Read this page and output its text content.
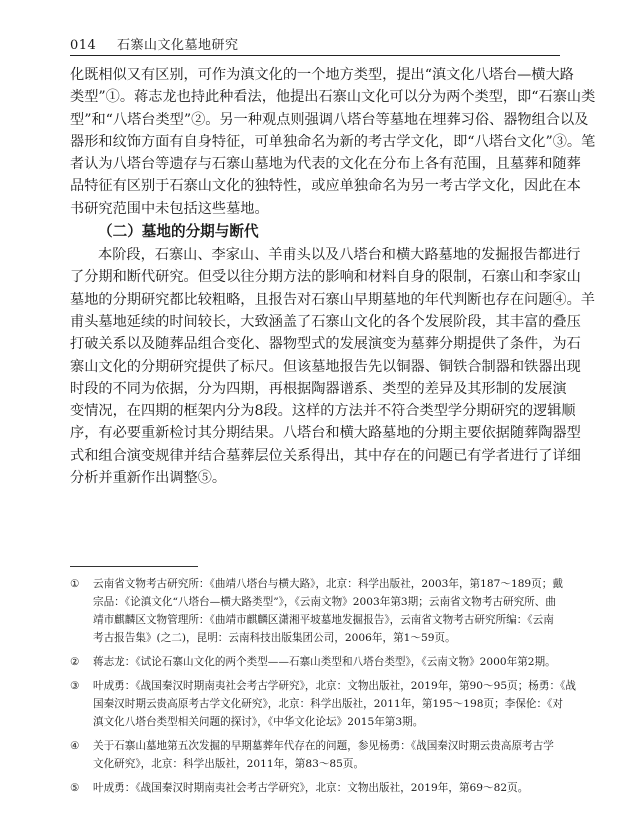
014 石寨山文化墓地研究

化既相似又有区别，可作为滇文化的一个地方类型，提出“滇文化八塔台—横大路
类型”①。蒋志龙也持此种看法，他提出石寨山文化可以分为两个类型，即“石寨山类
型”和“八塔台类型”②。另一种观点则强调八塔台等墓地在埋葬习俗、器物组合以及
器形和纹饰方面有自身特征，可单独命名为新的考古学文化，即“八塔台文化”③。笔
者认为八塔台等遗存与石寨山墓地为代表的文化在分布上各有范围，且墓葬和随葬
品特征有区别于石寨山文化的独特性，或应单独命名为另一考古学文化，因此在本
书研究范围中未包括这些墓地。

（二）墓地的分期与断代

本阶段，石寨山、李家山、羊甫头以及八塔台和横大路墓地的发掘报告都进行
了分期和断代研究。但受以往分期方法的影响和材料自身的限制，石寨山和李家山
墓地的分期研究都比较粗略，且报告对石寨山早期墓地的年代判断也存在问题④。羊
甫头墓地延续的时间较长，大致涵盖了石寨山文化的各个发展阶段，其丰富的叠压
打破关系以及随葬品组合变化、器物型式的发展演变为墓葬分期提供了条件，为石
寨山文化的分期研究提供了标尺。但该墓地报告先以铜器、铜铁合制器和铁器出现
时段的不同为依据，分为四期，再根据陶器谱系、类型的差异及其形制的发展演
变情况，在四期的框架内分为8段。这样的方法并不符合类型学分期研究的逻辑顺
序，有必要重新检讨其分期结果。八塔台和横大路墓地的分期主要依据随葬陶器型
式和组合演变规律并结合墓葬层位关系得出，其中存在的问题已有学者进行了详细
分析并重新作出调整⑤。

① 云南省文物考古研究所：《曲靖八塔台与横大路》，北京：科学出版社，2003年，第187～189页；戴
宗品：《论滇文化“八塔台—横大路类型”》，《云南文物》2003年第3期；云南省文物考古研究所、曲
靖市麒麟区文物管理所：《曲靖市麒麟区潇湘平坡墓地发掘报告》，云南省文物考古研究所编：《云南
考古报告集》(之二)，昆明：云南科技出版集团公司，2006年，第1～59页。
② 蒋志龙：《试论石寨山文化的两个类型——石寨山类型和八塔台类型》，《云南文物》2000年第2期。
③ 叶成勇：《战国秦汉时期南夷社会考古学研究》，北京：文物出版社，2019年，第90～95页；杨勇：《战
国秦汉时期云贵高原考古学文化研究》，北京：科学出版社，2011年，第195～198页；李保伦：《对
滇文化八塔台类型相关问题的探讨》，《中华文化论坛》2015年第3期。
④ 关于石寨山墓地第五次发掘的早期墓葬年代存在的问题，参见杨勇：《战国秦汉时期云贵高原考古学
文化研究》，北京：科学出版社，2011年，第83～85页。
⑤ 叶成勇：《战国秦汉时期南夷社会考古学研究》，北京：文物出版社，2019年，第69～82页。
